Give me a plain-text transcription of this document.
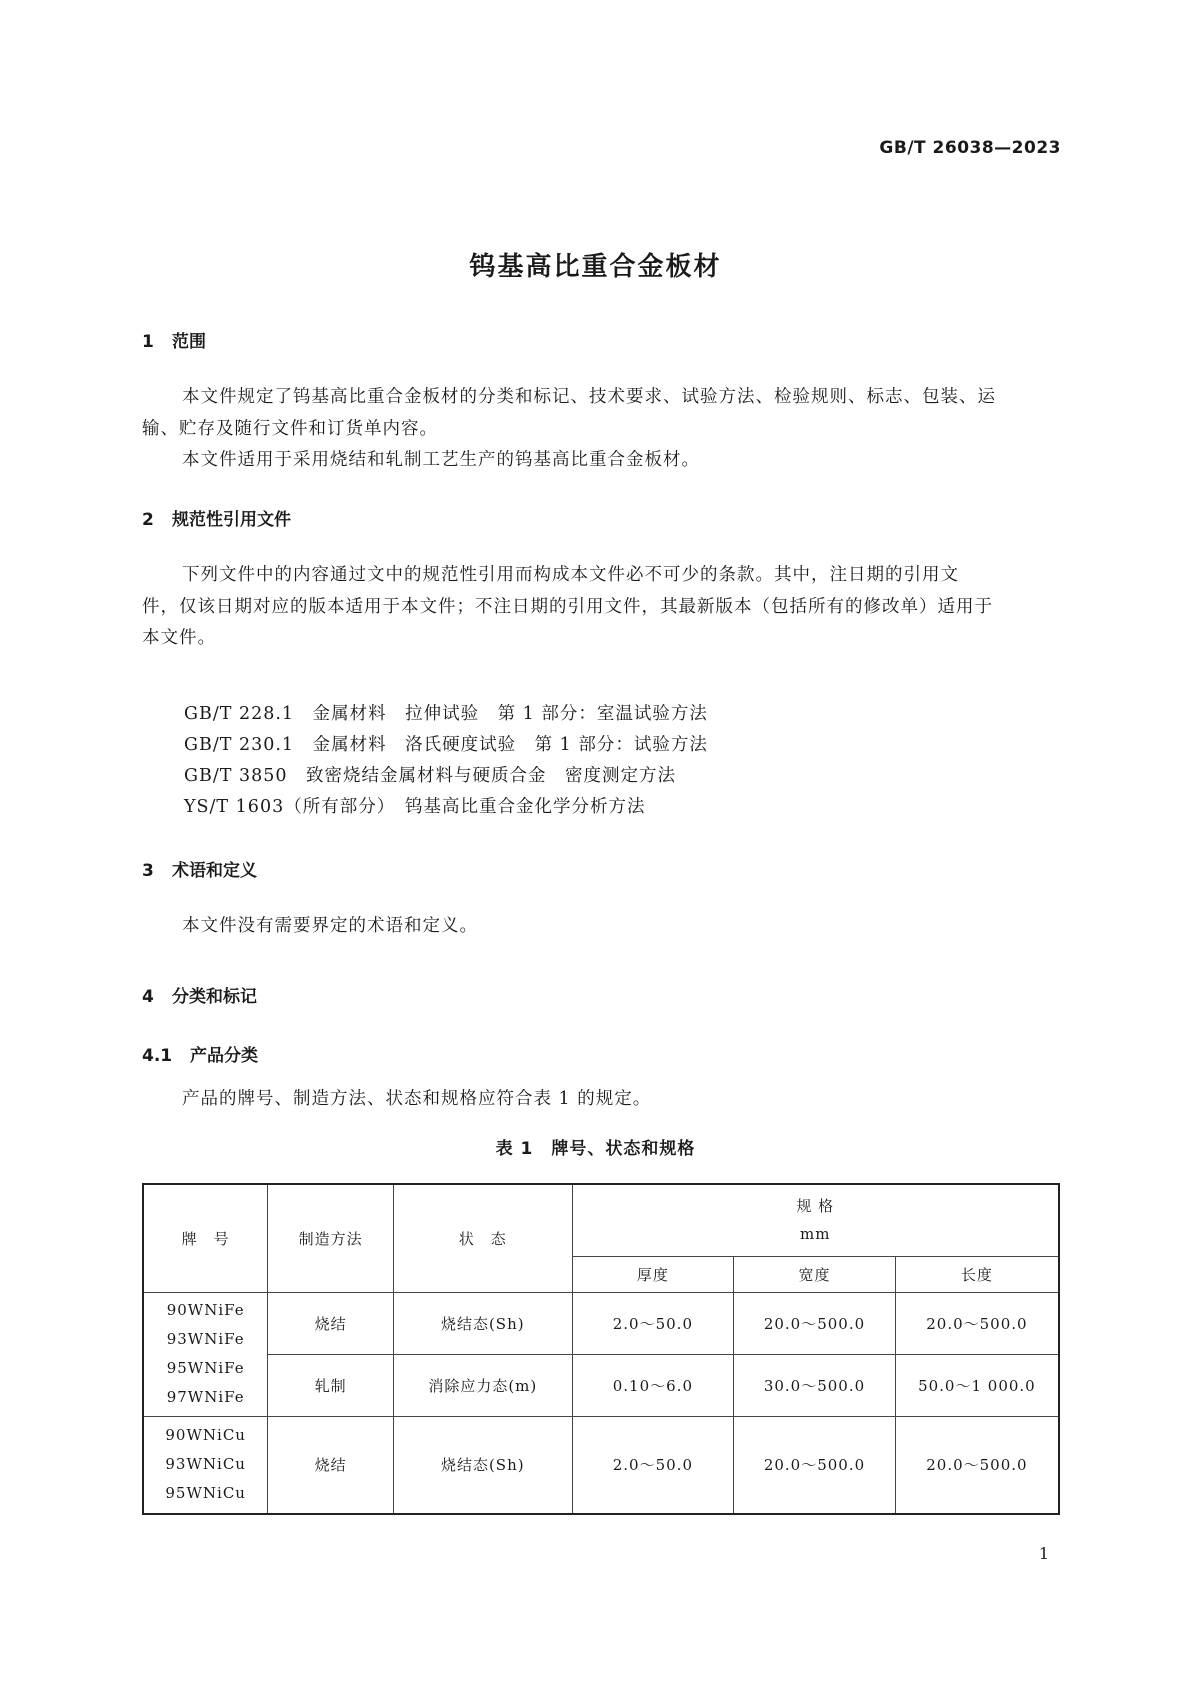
GB/T 26038—2023
钨基高比重合金板材
1 范围
本文件规定了钨基高比重合金板材的分类和标记、技术要求、试验方法、检验规则、标志、包装、运
输、贮存及随行文件和订货单内容。
本文件适用于采用烧结和轧制工艺生产的钨基高比重合金板材。
2 规范性引用文件
下列文件中的内容通过文中的规范性引用而构成本文件必不可少的条款。其中，注日期的引用文
件，仅该日期对应的版本适用于本文件；不注日期的引用文件，其最新版本（包括所有的修改单）适用于
本文件。
GB/T 228.1　金属材料　拉伸试验　第 1 部分：室温试验方法
GB/T 230.1　金属材料　洛氏硬度试验　第 1 部分：试验方法
GB/T 3850　致密烧结金属材料与硬质合金　密度测定方法
YS/T 1603（所有部分）　钨基高比重合金化学分析方法
3 术语和定义
本文件没有需要界定的术语和定义。
4 分类和标记
4.1 产品分类
产品的牌号、制造方法、状态和规格应符合表 1 的规定。
表 1　牌号、状态和规格
牌　号	制造方法	状　态	规 格
mm		

			厚度	宽度	长度

90WNiFe
93WNiFe
95WNiFe
97WNiFe	烧结	烧结态(Sh)	2.0～50.0	20.0～500.0	20.0～500.0
	轧制	消除应力态(m)	0.10～6.0	30.0～500.0	50.0～1 000.0

90WNiCu
93WNiCu
95WNiCu	烧结	烧结态(Sh)	2.0～50.0	20.0～500.0	20.0～500.0
1
